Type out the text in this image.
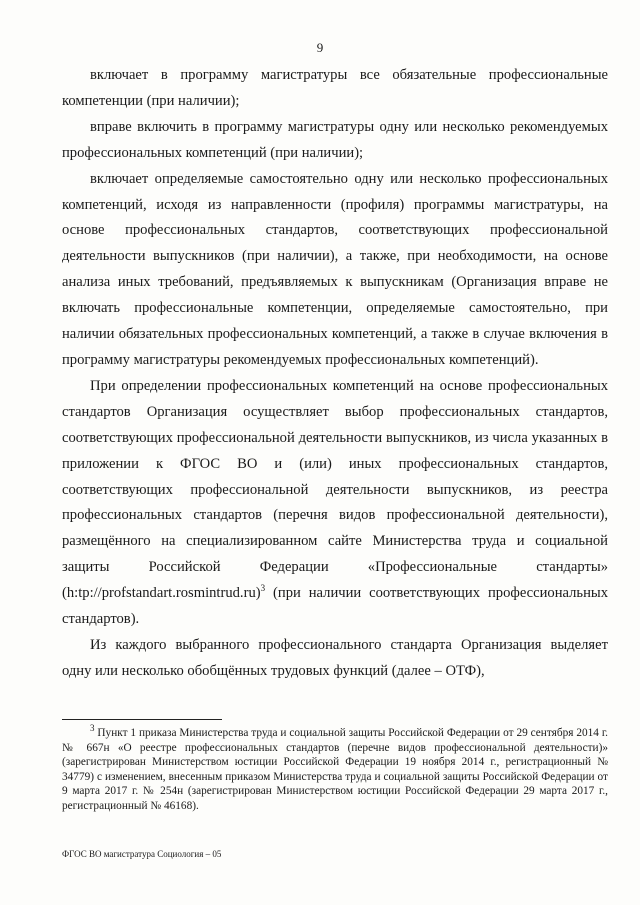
9

включает в программу магистратуры все обязательные профессиональные компетенции (при наличии);

вправе включить в программу магистратуры одну или несколько рекомендуемых профессиональных компетенций (при наличии);

включает определяемые самостоятельно одну или несколько профессиональных компетенций, исходя из направленности (профиля) программы магистратуры, на основе профессиональных стандартов, соответствующих профессиональной деятельности выпускников (при наличии), а также, при необходимости, на основе анализа иных требований, предъявляемых к выпускникам (Организация вправе не включать профессиональные компетенции, определяемые самостоятельно, при наличии обязательных профессиональных компетенций, а также в случае включения в программу магистратуры рекомендуемых профессиональных компетенций).

При определении профессиональных компетенций на основе профессиональных стандартов Организация осуществляет выбор профессиональных стандартов, соответствующих профессиональной деятельности выпускников, из числа указанных в приложении к ФГОС ВО и (или) иных профессиональных стандартов, соответствующих профессиональной деятельности выпускников, из реестра профессиональных стандартов (перечня видов профессиональной деятельности), размещённого на специализированном сайте Министерства труда и социальной защиты Российской Федерации «Профессиональные стандарты» (h:tp://profstandart.rosmintrud.ru)$^3$ (при наличии соответствующих профессиональных стандартов).

Из каждого выбранного профессионального стандарта Организация выделяет одну или несколько обобщённых трудовых функций (далее – ОТФ),

$^3$ Пункт 1 приказа Министерства труда и социальной защиты Российской Федерации от 29 сентября 2014 г. № 667н «О реестре профессиональных стандартов (перечне видов профессиональной деятельности)» (зарегистрирован Министерством юстиции Российской Федерации 19 ноября 2014 г., регистрационный № 34779) с изменением, внесенным приказом Министерства труда и социальной защиты Российской Федерации от 9 марта 2017 г. № 254н (зарегистрирован Министерством юстиции Российской Федерации 29 марта 2017 г., регистрационный № 46168).

ФГОС ВО магистратура Социология – 05
